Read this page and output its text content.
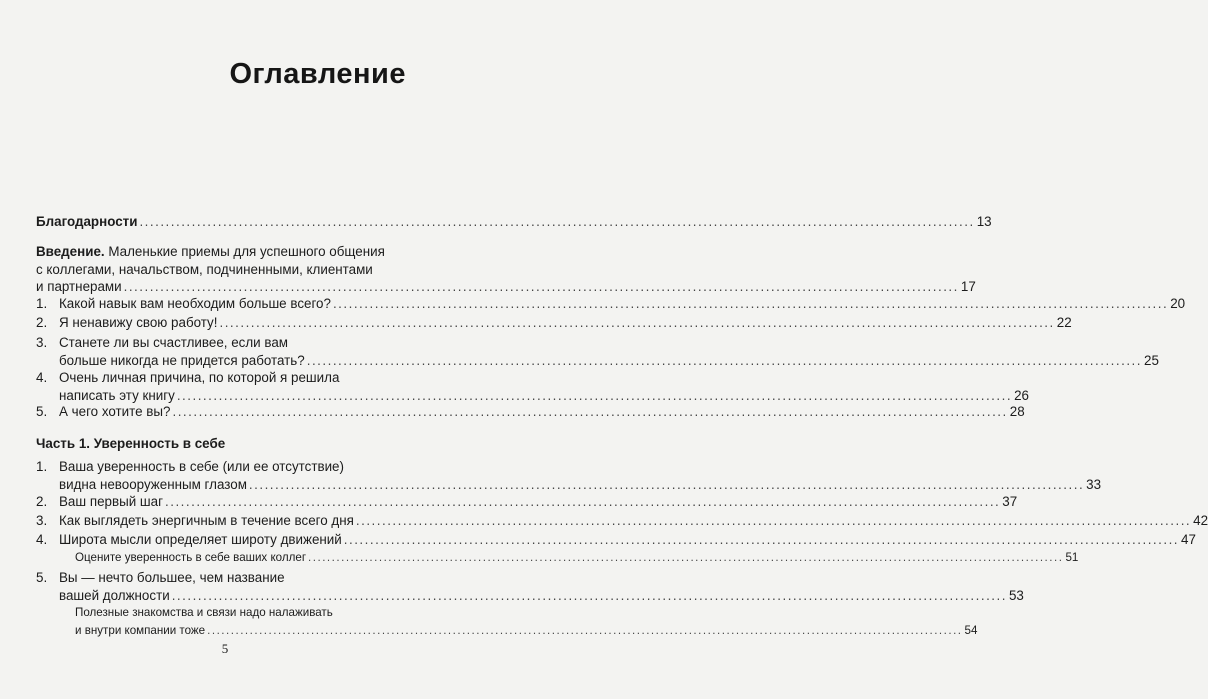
Оглавление
Благодарности .....	13
Введение. Маленькие приемы для успешного общения
с коллегами, начальством, подчиненными, клиентами
и партнерами .....	17
1. Какой навык вам необходим больше всего? .....	20
2. Я ненавижу свою работу! .....	22
3. Станете ли вы счастливее, если вам
больше никогда не придется работать? .....	25
4. Очень личная причина, по которой я решила
написать эту книгу .....	26
5. А чего хотите вы? .....	28
Часть 1. Уверенность в себе
1. Ваша уверенность в себе (или ее отсутствие)
видна невооруженным глазом .....	33
2. Ваш первый шаг .....	37
3. Как выглядеть энергичным в течение всего дня .....	42
4. Широта мысли определяет широту движений .....	47
Оцените уверенность в себе ваших коллег .....	51
5. Вы — нечто большее, чем название
вашей должности .....	53
Полезные знакомства и связи надо налаживать
и внутри компании тоже .....	54
5
